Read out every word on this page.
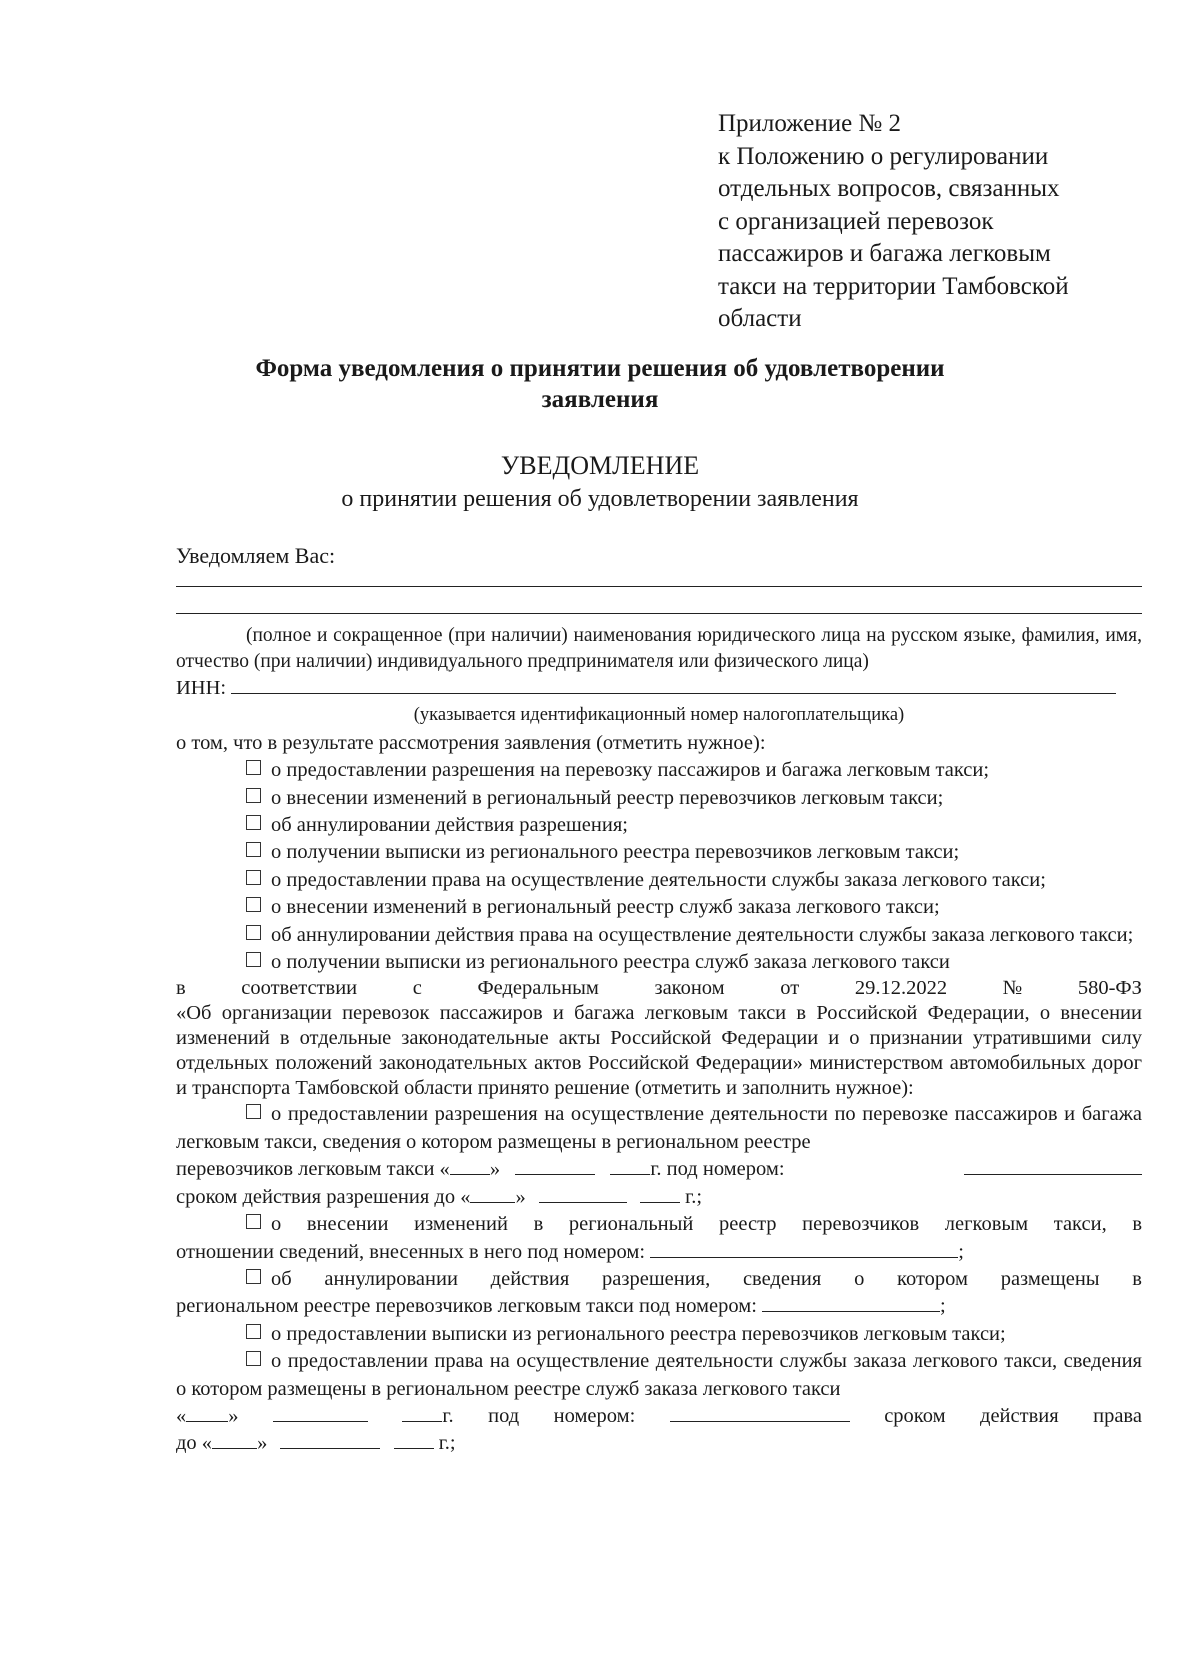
Приложение № 2
к Положению о регулировании
отдельных вопросов, связанных
с организацией перевозок
пассажиров и багажа легковым
такси на территории Тамбовской
области
Форма уведомления о принятии решения об удовлетворении
заявления
УВЕДОМЛЕНИЕ
о принятии решения об удовлетворении заявления
Уведомляем Вас:

(полное и сокращенное (при наличии) наименования юридического лица на русском языке, фамилия, имя, отчество (при наличии) индивидуального предпринимателя или физического лица)

ИНН:

(указывается идентификационный номер налогоплательщика)

о том, что в результате рассмотрения заявления (отметить нужное):

о предоставлении разрешения на перевозку пассажиров и багажа легковым такси;

о внесении изменений в региональный реестр перевозчиков легковым такси;

об аннулировании действия разрешения;

о получении выписки из регионального реестра перевозчиков легковым такси;

о предоставлении права на осуществление деятельности службы заказа легкового такси;

о внесении изменений в региональный реестр служб заказа легкового такси;

об аннулировании действия права на осуществление деятельности службы заказа легкового такси;

о получении выписки из регионального реестра служб заказа легкового такси

в	соответствии	с	Федеральным	законом	от	29.12.2022	№	580-ФЗ

«Об организации перевозок пассажиров и багажа легковым такси в Российской Федерации, о внесении изменений в отдельные законодательные акты Российской Федерации и о признании утратившими силу отдельных положений законодательных актов Российской Федерации» министерством автомобильных дорог и транспорта Тамбовской области принято решение (отметить и заполнить нужное):

о предоставлении разрешения на осуществление деятельности по перевозке пассажиров и багажа легковым такси, сведения о котором размещены в региональном реестре

перевозчиков легковым такси « »	г. под номером:

сроком действия разрешения до « »	г.;

о внесении изменений в региональный реестр перевозчиков легковым такси, в

отношении сведений, внесенных в него под номером:	;

об аннулировании действия разрешения, сведения о котором размещены в

региональном реестре перевозчиков легковым такси под номером:	;

о предоставлении выписки из регионального реестра перевозчиков легковым такси;

о предоставлении права на осуществление деятельности службы заказа легкового такси, сведения о котором размещены в региональном реестре служб заказа легкового такси

« »	г. под номером:	сроком действия права

до « »	г.;
